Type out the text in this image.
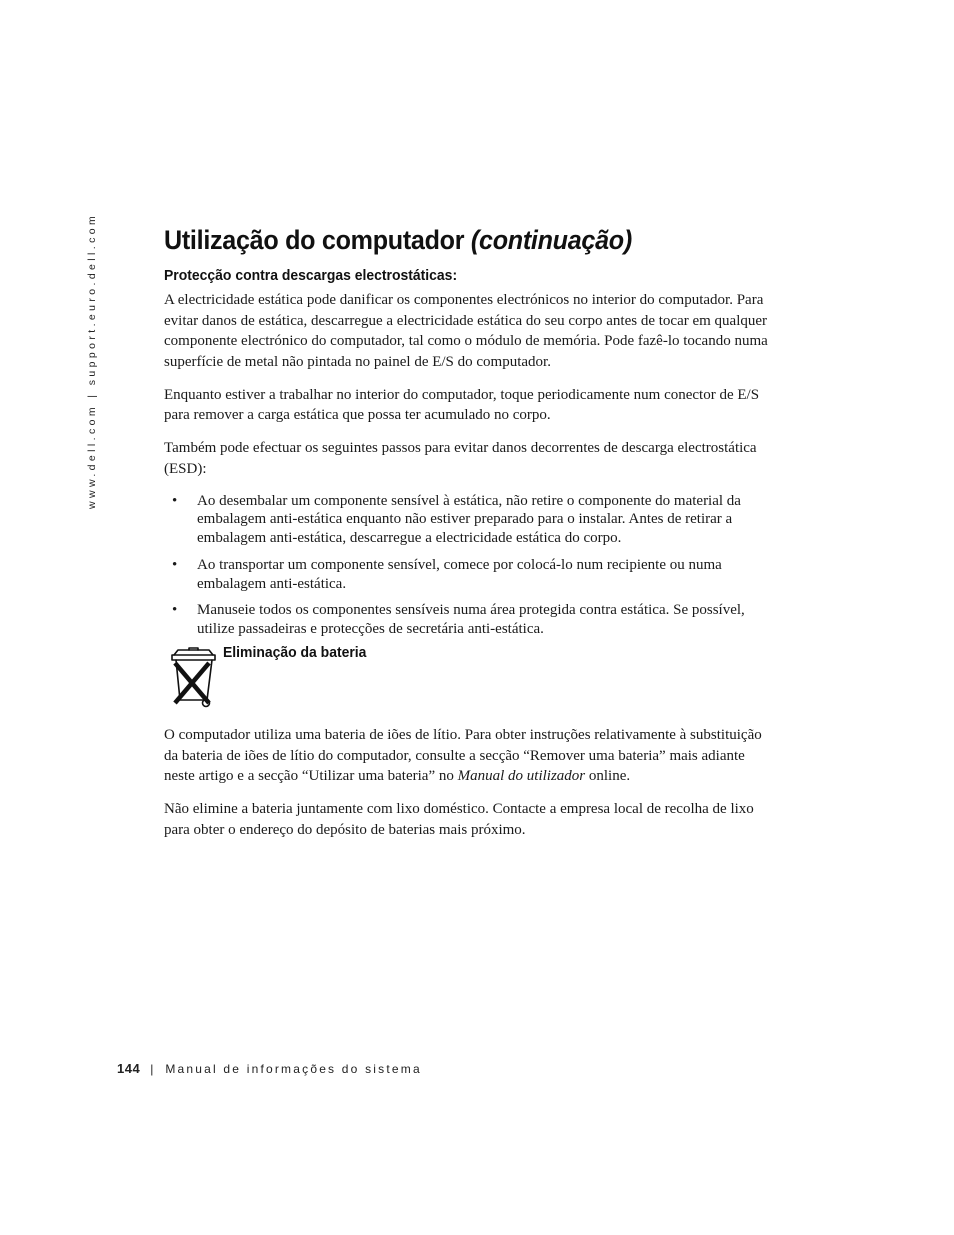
www.dell.com | support.euro.dell.com Utilização do computador (continuação)
Protecção contra descargas electrostáticas:

A electricidade estática pode danificar os componentes electrónicos no interior do computador. Para evitar danos de estática, descarregue a electricidade estática do seu corpo antes de tocar em qualquer componente electrónico do computador, tal como o módulo de memória. Pode fazê-lo tocando numa superfície de metal não pintada no painel de E/S do computador.

Enquanto estiver a trabalhar no interior do computador, toque periodicamente num conector de E/S para remover a carga estática que possa ter acumulado no corpo.

Também pode efectuar os seguintes passos para evitar danos decorrentes de descarga electrostática (ESD):

• Ao desembalar um componente sensível à estática, não retire o componente do material da embalagem anti-estática enquanto não estiver preparado para o instalar. Antes de retirar a embalagem anti-estática, descarregue a electricidade estática do corpo.
• Ao transportar um componente sensível, comece por colocá-lo num recipiente ou numa embalagem anti-estática.
• Manuseie todos os componentes sensíveis numa área protegida contra estática. Se possível, utilize passadeiras e protecções de secretária anti-estática.
Eliminação da bateria

O computador utiliza uma bateria de iões de lítio. Para obter instruções relativamente à substituição da bateria de iões de lítio do computador, consulte a secção “Remover uma bateria” mais adiante neste artigo e a secção “Utilizar uma bateria” no Manual do utilizador online.

Não elimine a bateria juntamente com lixo doméstico. Contacte a empresa local de recolha de lixo para obter o endereço do depósito de baterias mais próximo.

144 | Manual de informações do sistema
